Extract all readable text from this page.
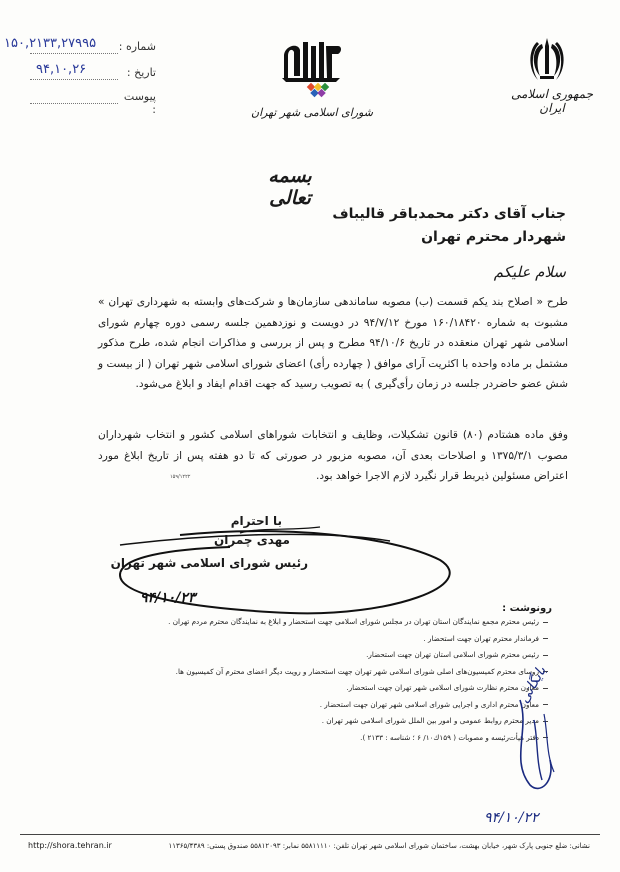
شماره :
۱۵۰,۲۱۳۳,۲۷۹۹۵
تاریخ :
۹۴,۱۰,۲۶
پیوست :	شورای اسلامی شهر تهران
جمهوری اسلامی ایران
بسمه تعالی
جناب آقای دکتر محمدباقر قالیباف
شهردار محترم تهران
سلام علیکم
طرح « اصلاح بند یکم قسمت (ب) مصوبه ساماندهی سازمان‌ها و شرکت‌های وابسته به شهرداری تهران » مشبوت به شماره ۱۶۰/۱۸۴۲۰ مورخ ۹۴/۷/۱۲ در دویست و نوزدهمین جلسه رسمی دوره چهارم شورای اسلامی شهر تهران منعقده در تاریخ ۹۴/۱۰/۶ مطرح و پس از بررسی و مذاکرات انجام شده، طرح مذکور مشتمل بر ماده واحده با اکثریت آرای موافق ( چهارده رأی) اعضای شورای اسلامی شهر تهران ( از بیست و شش عضو حاضردر جلسه در زمان رأی‌گیری ) به تصویب رسید که جهت اقدام ایفاد و ابلاغ می‌شود.
وفق ماده هشتادم (۸۰) قانون تشکیلات، وظایف و انتخابات شوراهای اسلامی کشور و انتخاب شهرداران مصوب ۱۳۷۵/۳/۱ و اصلاحات بعدی آن، مصوبه مزبور در صورتی که تا دو هفته پس از تاریخ ابلاغ مورد اعتراض مسئولین ذیربط قرار نگیرد لازم الاجرا خواهد بود.
۱۵۹/۱۲۲۲
با احترام
مهدی چمران
رئیس شورای اسلامی شهر تهران
۹۴/۱۰/۲۳
رونوشت :
رئیس محترم مجمع نمایندگان استان تهران در مجلس شورای اسلامی جهت استحضار و ابلاغ به نمایندگان محترم مردم تهران .
فرماندار محترم تهران جهت استحضار .
رئیس محترم شورای اسلامی استان تهران جهت استحضار.
روسای محترم کمیسیون‌های اصلی شورای اسلامی شهر تهران جهت استحضار و رویت دیگر اعضای محترم آن کمیسیون ها.
معاون محترم نظارت شورای اسلامی شهر تهران جهت استحضار.
معاون محترم اداری و اجرایی شورای اسلامی شهر تهران جهت استحضار .
مدیر محترم روابط عمومی و امور بین الملل شورای اسلامی شهر تهران .
دفتر هیأت‌رئیسه و مصوبات ( ۱۵۹ك۱۰/ ۶ ؛ شناسه : ۲۱۳۳ ).
بایگانی
۹۴/۱۰/۲۲
http://shora.tehran.ir	نشانی: ضلع جنوبی پارک شهر، خیابان بهشت، ساختمان شورای اسلامی شهر تهران تلفن: ۵۵۸۱۱۱۱۰ نمابر: ۵۵۸۱۲۰۹۳ صندوق پستی: ۱۱۳۶۵/۴۳۸۹
